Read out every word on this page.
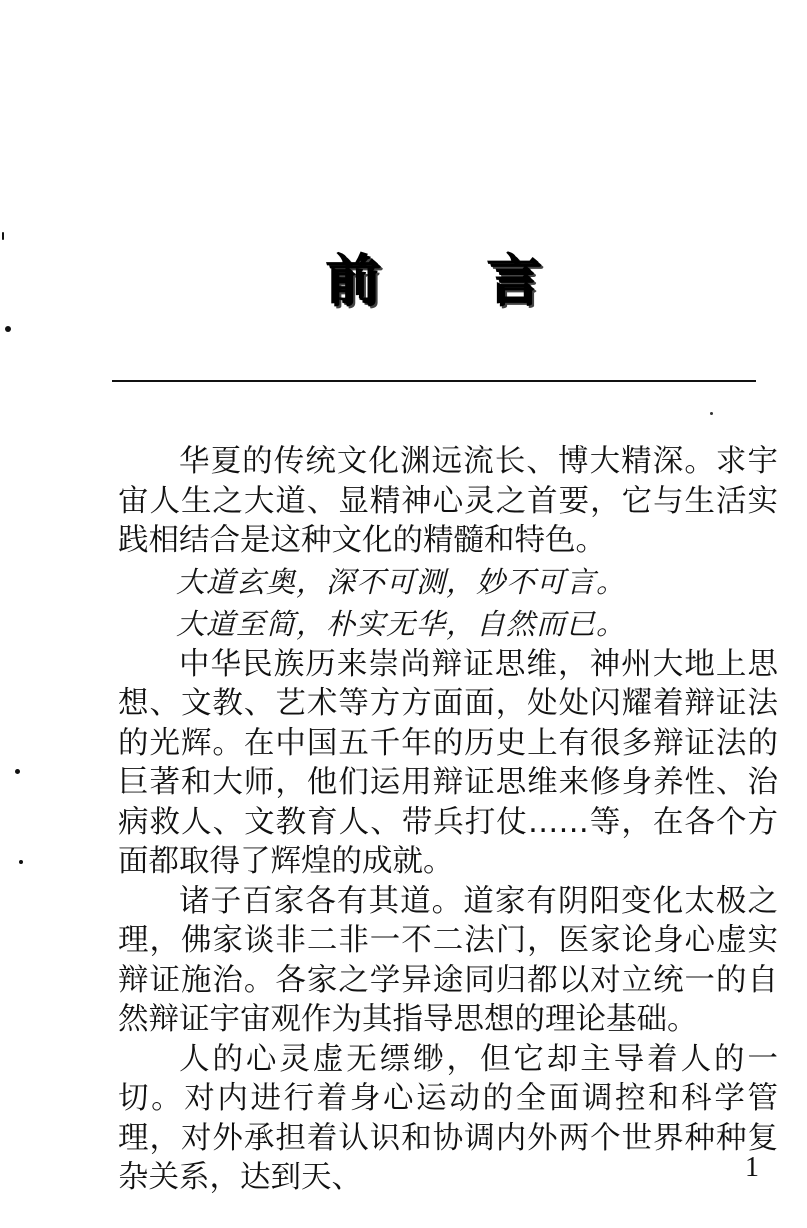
前 言

华夏的传统文化渊远流长、博大精深。求宇宙人生之大道、显精神心灵之首要，它与生活实践相结合是这种文化的精髓和特色。

大道玄奥，深不可测，妙不可言。

大道至简，朴实无华，自然而已。

中华民族历来崇尚辩证思维，神州大地上思想、文教、艺术等方方面面，处处闪耀着辩证法的光辉。在中国五千年的历史上有很多辩证法的巨著和大师，他们运用辩证思维来修身养性、治病救人、文教育人、带兵打仗……等，在各个方面都取得了辉煌的成就。

诸子百家各有其道。道家有阴阳变化太极之理，佛家谈非二非一不二法门，医家论身心虚实辩证施治。各家之学异途同归都以对立统一的自然辩证宇宙观作为其指导思想的理论基础。

人的心灵虚无缥缈，但它却主导着人的一切。对内进行着身心运动的全面调控和科学管理，对外承担着认识和协调内外两个世界种种复杂关系，达到天、	1
